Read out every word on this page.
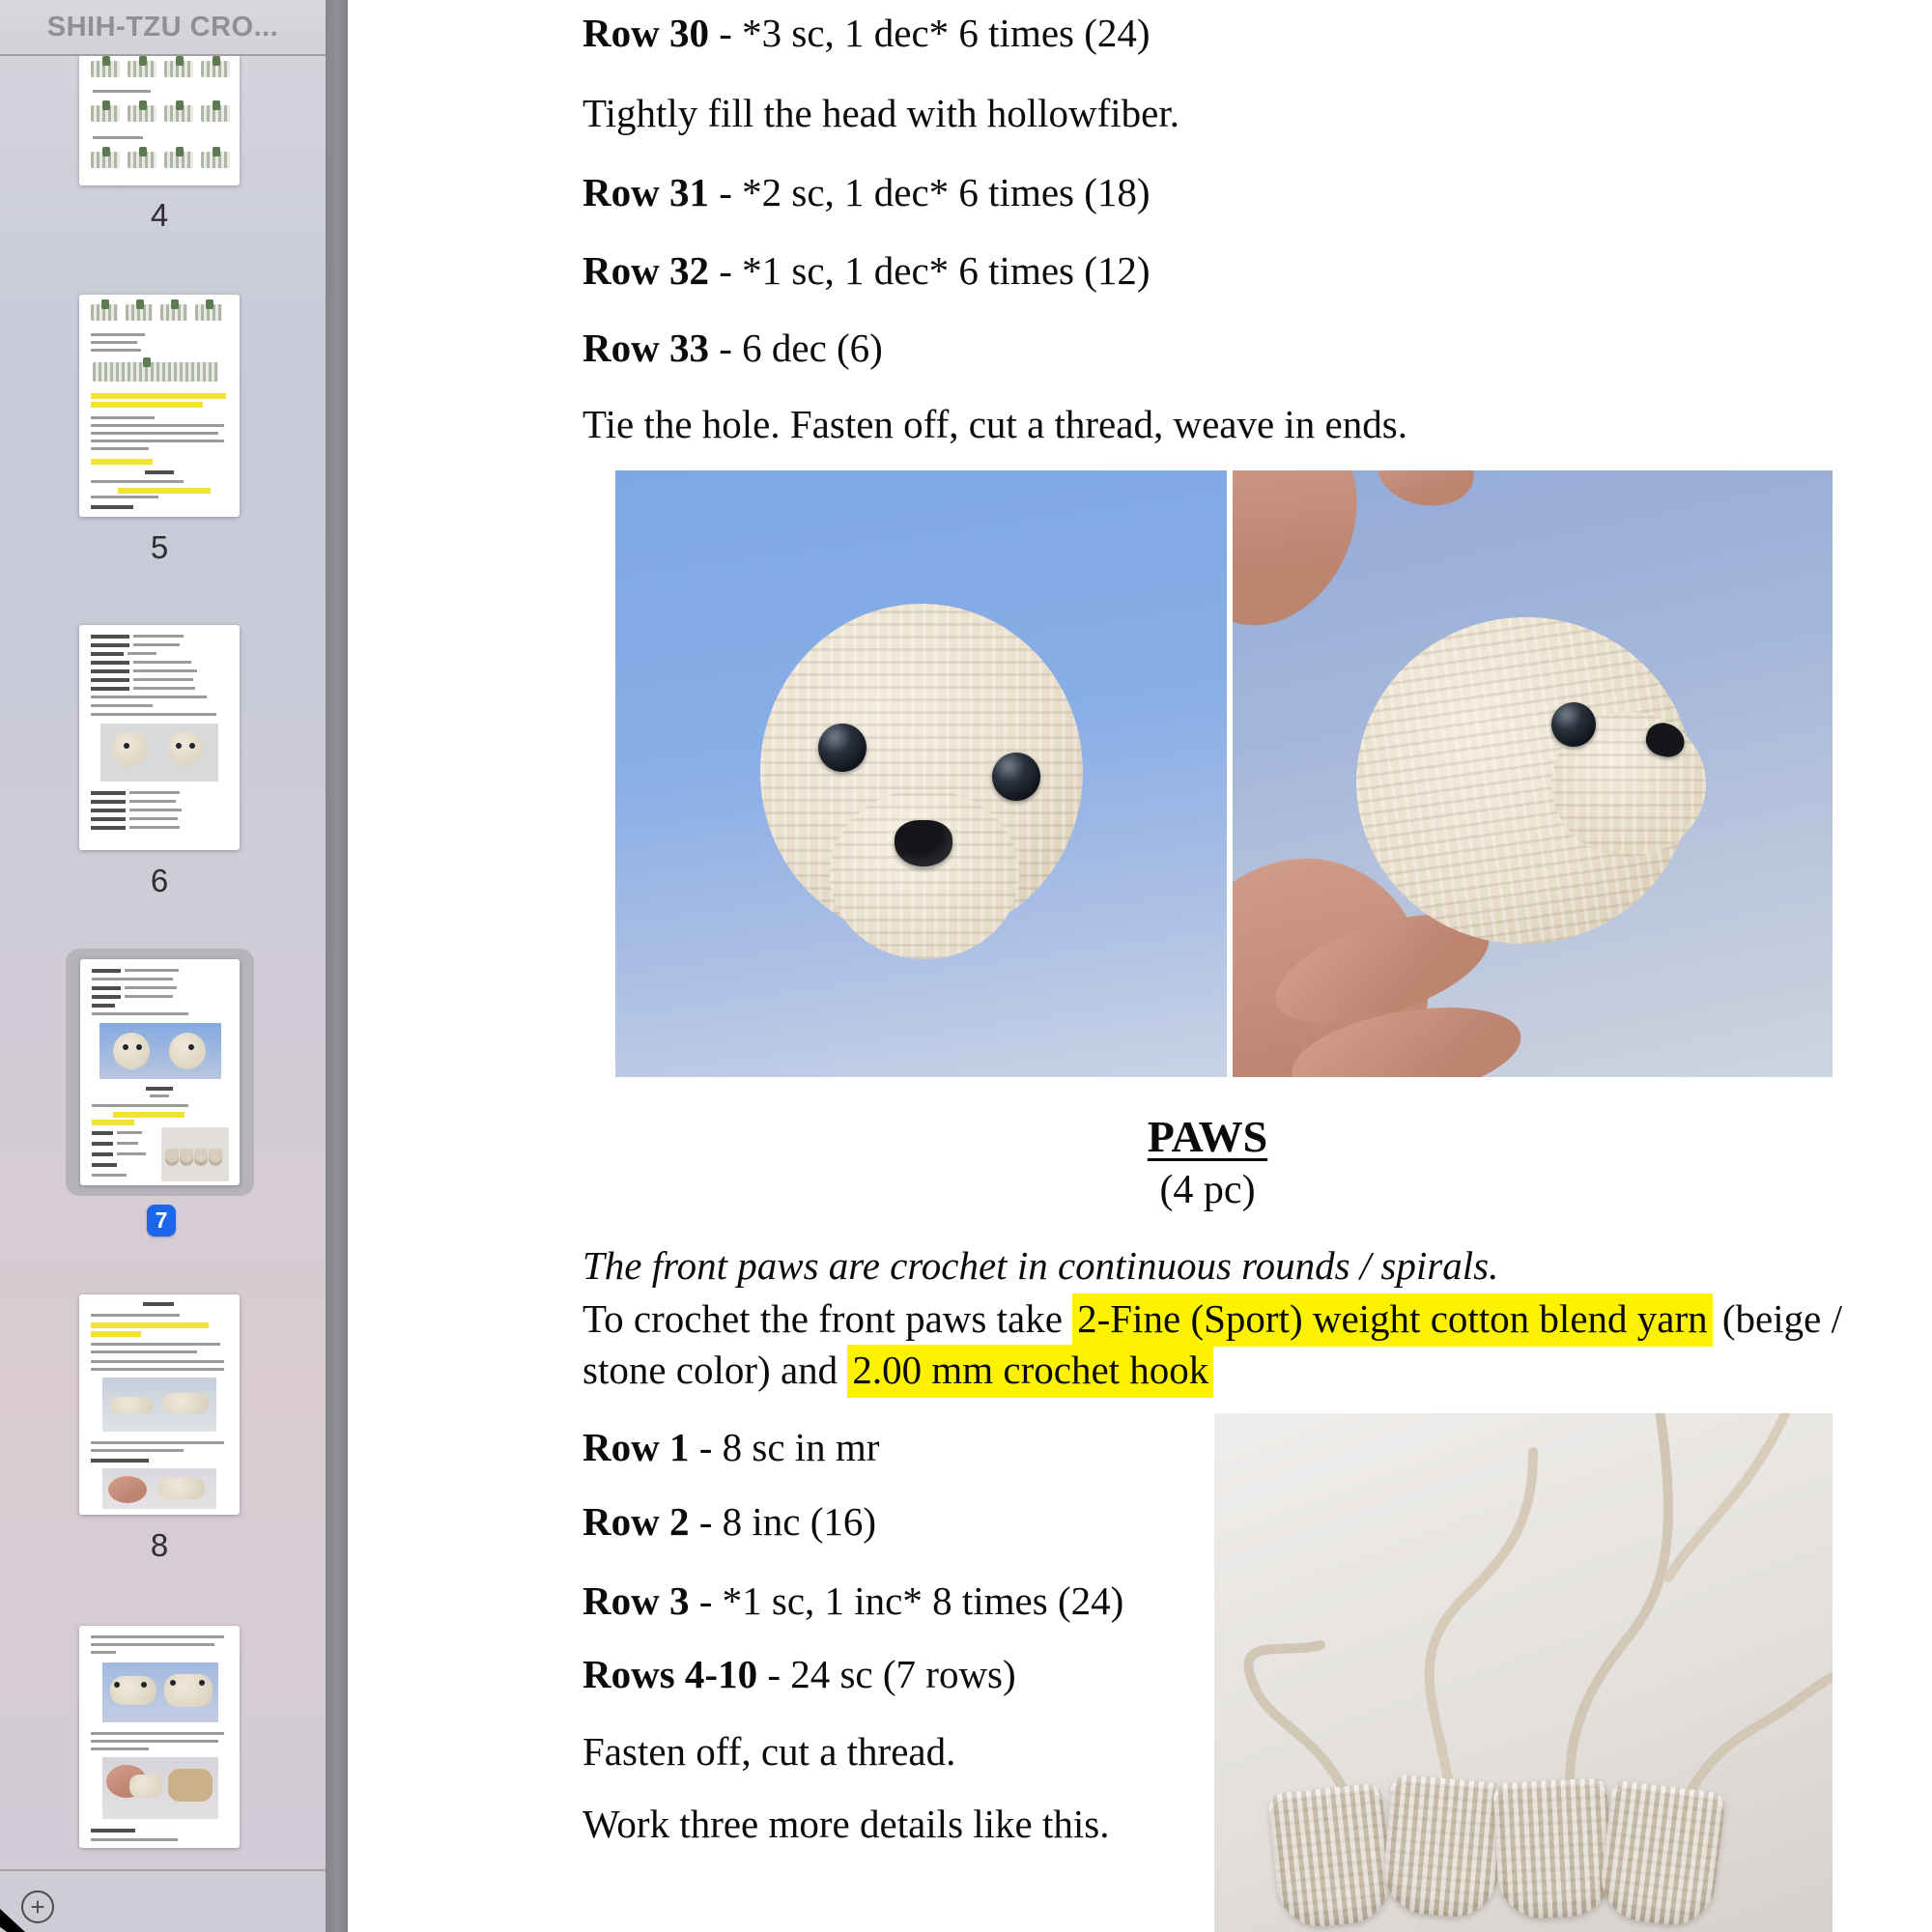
4
5
6
7
8
+
SHIH-TZU CRO...	Row 30 - *3 sc, 1 dec* 6 times (24)
Tightly fill the head with hollowfiber.
Row 31 - *2 sc, 1 dec* 6 times (18)
Row 32 - *1 sc, 1 dec* 6 times (12)
Row 33 - 6 dec (6)
Tie the hole. Fasten off, cut a thread, weave in ends.
PAWS
(4 pc)
The front paws are crochet in continuous rounds / spirals.
To crochet the front paws take 2-Fine (Sport) weight cotton blend yarn (beige /
stone color) and 2.00 mm crochet hook
Row 1 - 8 sc in mr
Row 2 - 8 inc (16)
Row 3 - *1 sc, 1 inc* 8 times (24)
Rows 4-10 - 24 sc (7 rows)
Fasten off, cut a thread.
Work three more details like this.
